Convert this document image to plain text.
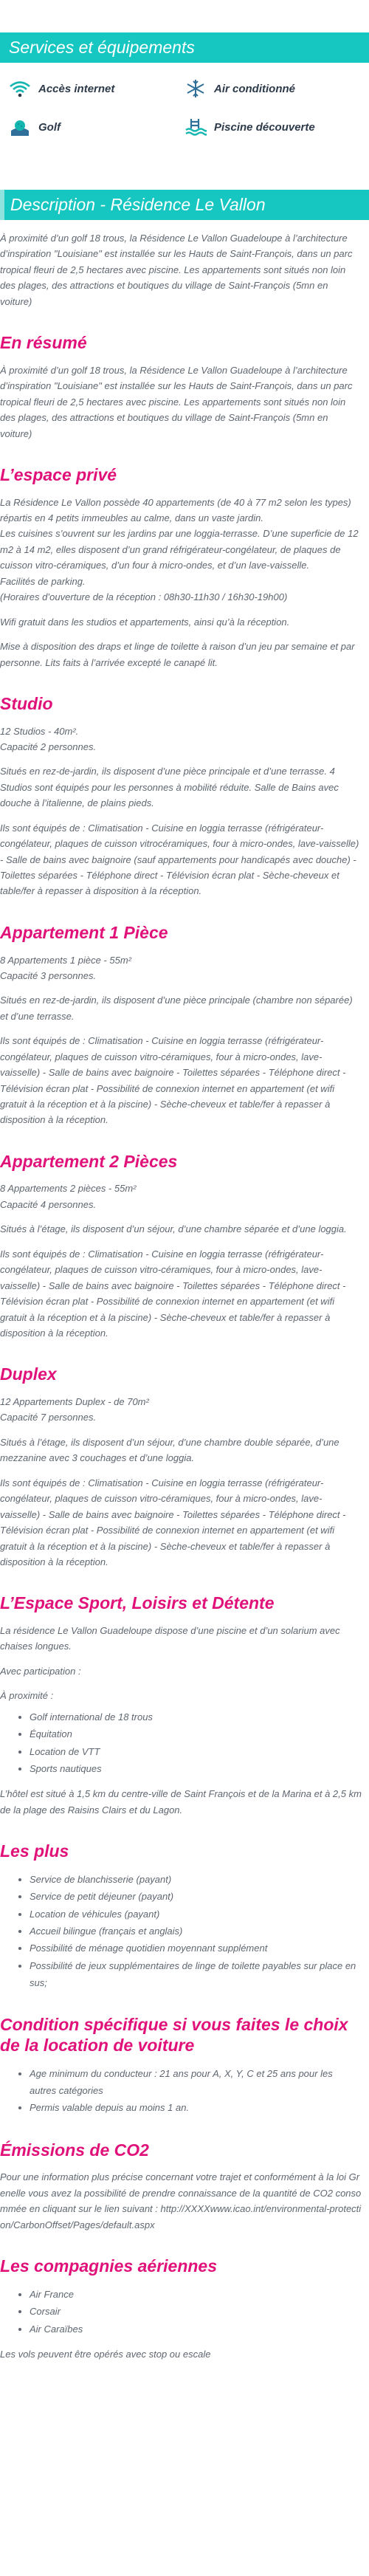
Services et équipements
Accès internet	Air conditionné
Golf	Piscine découverte
Description - Résidence Le Vallon

À proximité d’un golf 18 trous, la Résidence Le Vallon Guadeloupe à l’architecture d’inspiration "Louisiane" est installée sur les Hauts de Saint-François, dans un parc tropical fleuri de 2,5 hectares avec piscine. Les appartements sont situés non loin des plages, des attractions et boutiques du village de Saint-François (5mn en voiture)

En résumé

À proximité d’un golf 18 trous, la Résidence Le Vallon Guadeloupe à l’architecture d’inspiration "Louisiane" est installée sur les Hauts de Saint-François, dans un parc tropical fleuri de 2,5 hectares avec piscine. Les appartements sont situés non loin des plages, des attractions et boutiques du village de Saint-François (5mn en voiture)

L’espace privé

La Résidence Le Vallon possède 40 appartements (de 40 à 77 m2 selon les types) répartis en 4 petits immeubles au calme, dans un vaste jardin.

Les cuisines s’ouvrent sur les jardins par une loggia-terrasse. D’une superficie de 12 m2 à 14 m2, elles disposent d’un grand réfrigérateur-congélateur, de plaques de cuisson vitro-céramiques, d’un four à micro-ondes, et d’un lave-vaisselle.

Facilités de parking.

(Horaires d’ouverture de la réception : 08h30-11h30 / 16h30-19h00)

Wifi gratuit dans les studios et appartements, ainsi qu’à la réception.

Mise à disposition des draps et linge de toilette à raison d’un jeu par semaine et par personne. Lits faits à l’arrivée excepté le canapé lit.

Studio

12 Studios - 40m².

Capacité 2 personnes.

Situés en rez-de-jardin, ils disposent d’une pièce principale et d’une terrasse. 4 Studios sont équipés pour les personnes à mobilité réduite. Salle de Bains avec douche à l’italienne, de plains pieds.

Ils sont équipés de : Climatisation - Cuisine en loggia terrasse (réfrigérateur-congélateur, plaques de cuisson vitrocéramiques, four à micro-ondes, lave-vaisselle) - Salle de bains avec baignoire (sauf appartements pour handicapés avec douche) - Toilettes séparées - Téléphone direct - Télévision écran plat - Sèche-cheveux et table/fer à repasser à disposition à la réception.

Appartement 1 Pièce

8 Appartements 1 pièce - 55m²

Capacité 3 personnes.

Situés en rez-de-jardin, ils disposent d’une pièce principale (chambre non séparée) et d’une terrasse.

Ils sont équipés de : Climatisation - Cuisine en loggia terrasse (réfrigérateur-congélateur, plaques de cuisson vitro-céramiques, four à micro-ondes, lave-vaisselle) - Salle de bains avec baignoire - Toilettes séparées - Téléphone direct - Télévision écran plat - Possibilité de connexion internet en appartement (et wifi gratuit à la réception et à la piscine) - Sèche-cheveux et table/fer à repasser à disposition à la réception.

Appartement 2 Pièces

8 Appartements 2 pièces - 55m²

Capacité 4 personnes.

Situés à l’étage, ils disposent d’un séjour, d’une chambre séparée et d’une loggia.

Ils sont équipés de : Climatisation - Cuisine en loggia terrasse (réfrigérateur-congélateur, plaques de cuisson vitro-céramiques, four à micro-ondes, lave-vaisselle) - Salle de bains avec baignoire - Toilettes séparées - Téléphone direct - Télévision écran plat - Possibilité de connexion internet en appartement (et wifi gratuit à la réception et à la piscine) - Sèche-cheveux et table/fer à repasser à disposition à la réception.

Duplex

12 Appartements Duplex - de 70m²

Capacité 7 personnes.

Situés à l’étage, ils disposent d’un séjour, d’une chambre double séparée, d’une mezzanine avec 3 couchages et d’une loggia.

Ils sont équipés de : Climatisation - Cuisine en loggia terrasse (réfrigérateur-congélateur, plaques de cuisson vitro-céramiques, four à micro-ondes, lave-vaisselle) - Salle de bains avec baignoire - Toilettes séparées - Téléphone direct - Télévision écran plat - Possibilité de connexion internet en appartement (et wifi gratuit à la réception et à la piscine) - Sèche-cheveux et table/fer à repasser à disposition à la réception.

L’Espace Sport, Loisirs et Détente

La résidence Le Vallon Guadeloupe dispose d’une piscine et d’un solarium avec chaises longues.

Avec participation :

À proximité :

• Golf international de 18 trous
• Équitation
• Location de VTT
• Sports nautiques

L’hôtel est situé à 1,5 km du centre-ville de Saint François et de la Marina et à 2,5 km de la plage des Raisins Clairs et du Lagon.

Les plus
• Service de blanchisserie (payant)
• Service de petit déjeuner (payant)
• Location de véhicules (payant)
• Accueil bilingue (français et anglais)
• Possibilité de ménage quotidien moyennant supplément
• Possibilité de jeux supplémentaires de linge de toilette payables sur place en sus;
Condition spécifique si vous faites le choix de la location de voiture
• Age minimum du conducteur : 21 ans pour A, X, Y, C et 25 ans pour les autres catégories
• Permis valable depuis au moins 1 an.
Émissions de CO2

Pour une information plus précise concernant votre trajet et conformément à la loi Grenelle vous avez la possibilité de prendre connaissance de la quantité de CO2 consommée en cliquant sur le lien suivant : http://XXXXwww.icao.int/environmental-protection/CarbonOffset/Pages/default.aspx

Les compagnies aériennes
• Air France
• Corsair
• Air Caraïbes

Les vols peuvent être opérés avec stop ou escale
